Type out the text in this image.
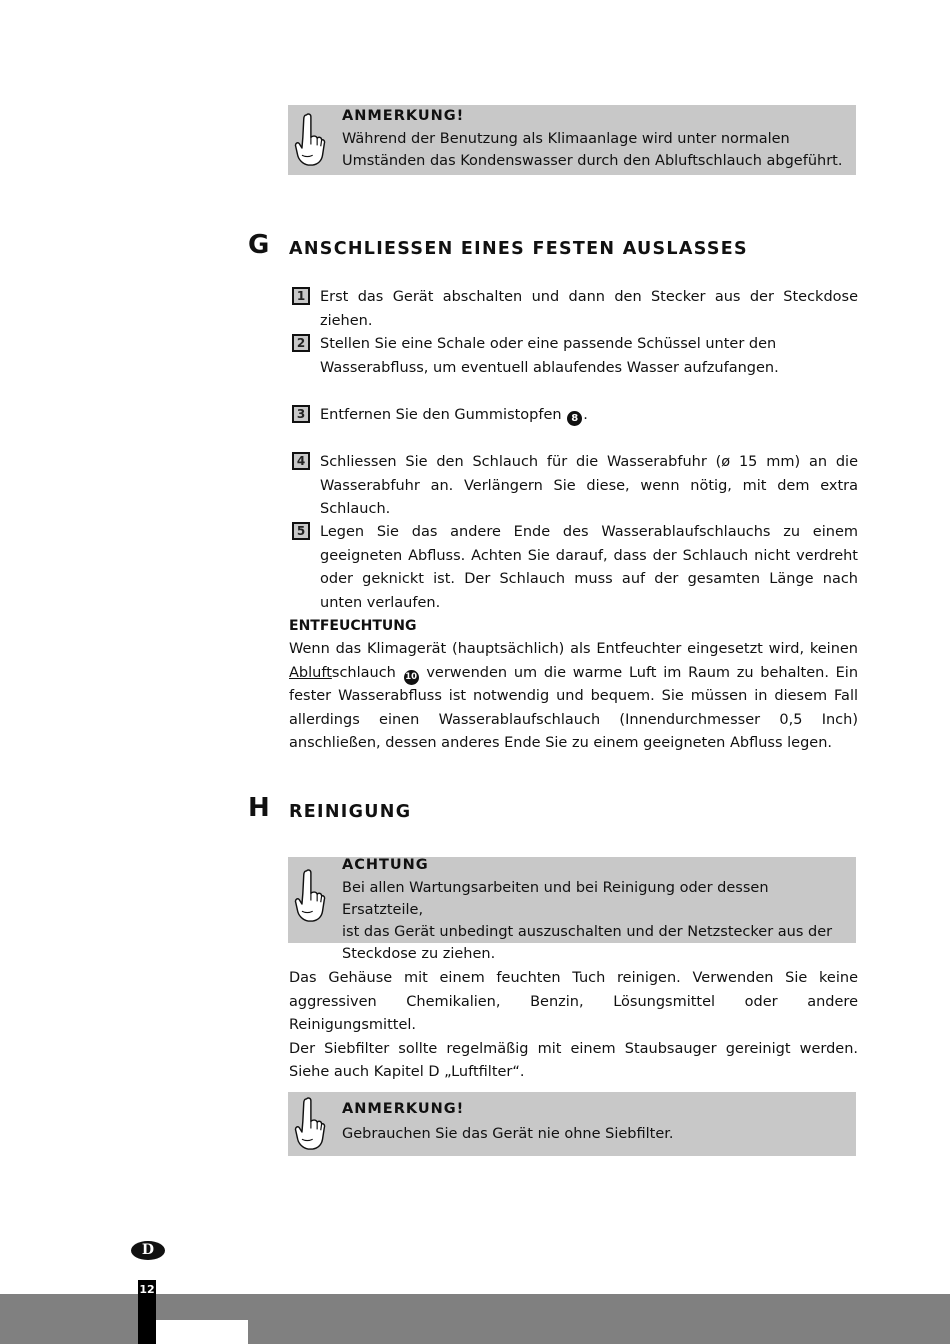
ANMERKUNG!
Während der Benutzung als Klimaanlage wird unter normalen
Umständen das Kondenswasser durch den Abluftschlauch abgeführt.
G ANSCHLIESSEN EINES FESTEN AUSLASSES
1	Erst das Gerät abschalten und dann den Stecker aus der Steckdose ziehen.
2	Stellen Sie eine Schale oder eine passende Schüssel unter den Wasserabfluss, um eventuell ablaufendes Wasser aufzufangen.
3	Entfernen Sie den Gummistopfen 8 .
4	Schliessen Sie den Schlauch für die Wasserabfuhr (ø 15 mm) an die Wasserabfuhr an. Verlängern Sie diese, wenn nötig, mit dem extra Schlauch.
5	Legen Sie das andere Ende des Wasserablaufschlauchs zu einem geeigneten Abfluss. Achten Sie darauf, dass der Schlauch nicht verdreht oder geknickt ist. Der Schlauch muss auf der gesamten Länge nach unten verlaufen.
ENTFEUCHTUNG
Wenn das Klimagerät (hauptsächlich) als Entfeuchter eingesetzt wird, keinen Abluftschlauch 10 verwenden um die warme Luft im Raum zu behalten. Ein fester Wasserabfluss ist notwendig und bequem. Sie müssen in diesem Fall allerdings einen Wasserablaufschlauch (Innendurchmesser 0,5 Inch) anschließen, dessen anderes Ende Sie zu einem geeigneten Abfluss legen.
H REINIGUNG
ACHTUNG
Bei allen Wartungsarbeiten und bei Reinigung oder dessen Ersatzteile,
ist das Gerät unbedingt auszuschalten und der Netzstecker aus der
Steckdose zu ziehen.
Das Gehäuse mit einem feuchten Tuch reinigen. Verwenden Sie keine aggressiven Chemikalien, Benzin, Lösungsmittel oder andere Reinigungsmittel.
Der Siebfilter sollte regelmäßig mit einem Staubsauger gereinigt werden. Siehe auch Kapitel D „Luftfilter“.
ANMERKUNG!
Gebrauchen Sie das Gerät nie ohne Siebfilter.
D
12
